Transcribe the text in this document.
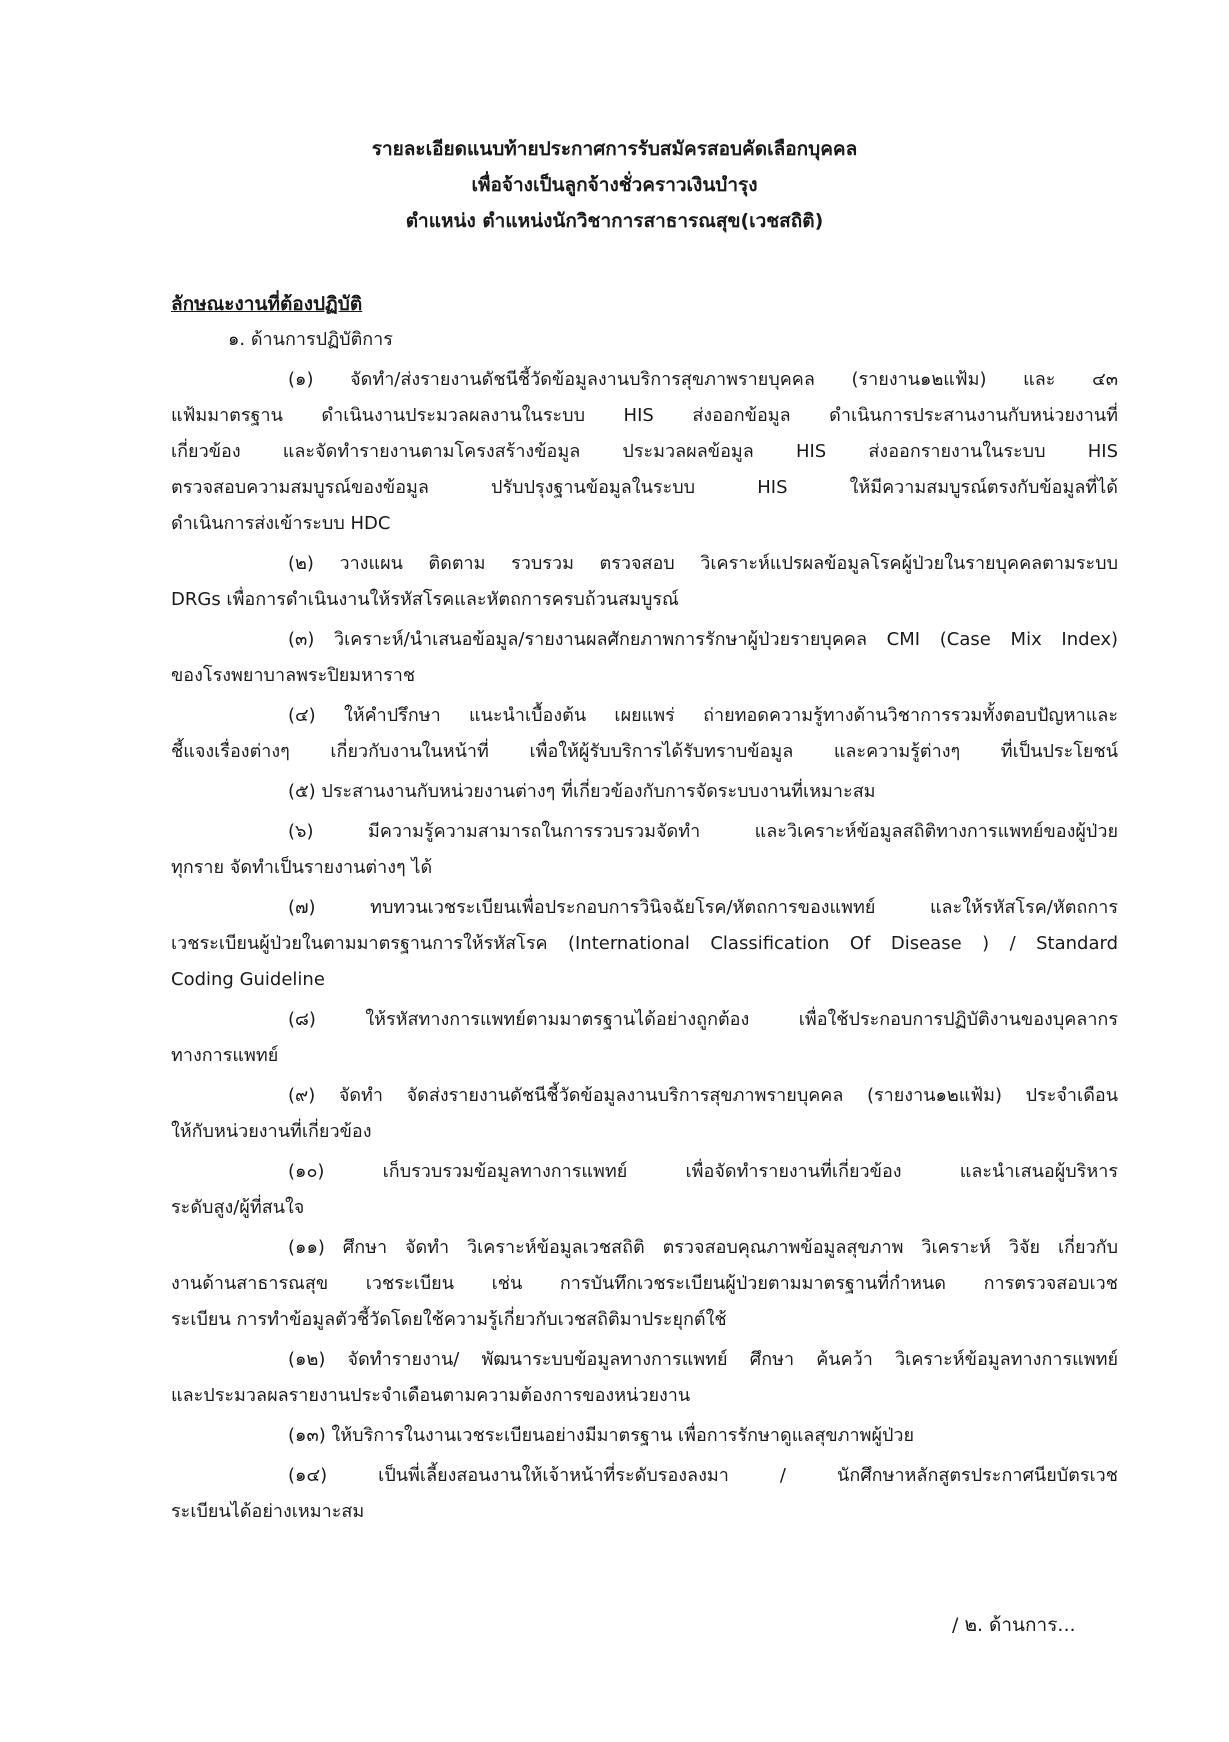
รายละเอียดแนบท้ายประกาศการรับสมัครสอบคัดเลือกบุคคล
เพื่อจ้างเป็นลูกจ้างชั่วคราวเงินบำรุง
ตำแหน่ง ตำแหน่งนักวิชาการสาธารณสุข(เวชสถิติ)
ลักษณะงานที่ต้องปฏิบัติ
๑. ด้านการปฏิบัติการ
(๑) จัดทำ/ส่งรายงานดัชนีชี้วัดข้อมูลงานบริการสุขภาพรายบุคคล (รายงาน๑๒แฟ้ม) และ ๔๓
แฟ้มมาตรฐาน ดำเนินงานประมวลผลงานในระบบ HIS ส่งออกข้อมูล ดำเนินการประสานงานกับหน่วยงานที่
เกี่ยวข้อง และจัดทำรายงานตามโครงสร้างข้อมูล ประมวลผลข้อมูล HIS ส่งออกรายงานในระบบ HIS
ตรวจสอบความสมบูรณ์ของข้อมูล ปรับปรุงฐานข้อมูลในระบบ HIS ให้มีความสมบูรณ์ตรงกับข้อมูลที่ได้
ดำเนินการส่งเข้าระบบ HDC
(๒) วางแผน ติดตาม รวบรวม ตรวจสอบ วิเคราะห์แปรผลข้อมูลโรคผู้ป่วยในรายบุคคลตามระบบ
DRGs เพื่อการดำเนินงานให้รหัสโรคและหัตถการครบถ้วนสมบูรณ์
(๓) วิเคราะห์/นำเสนอข้อมูล/รายงานผลศักยภาพการรักษาผู้ป่วยรายบุคคล CMI (Case Mix Index)
ของโรงพยาบาลพระปิยมหาราช
(๔) ให้คำปรึกษา แนะนำเบื้องต้น เผยแพร่ ถ่ายทอดความรู้ทางด้านวิชาการรวมทั้งตอบปัญหาและ
ชี้แจงเรื่องต่างๆ เกี่ยวกับงานในหน้าที่ เพื่อให้ผู้รับบริการได้รับทราบข้อมูล และความรู้ต่างๆ ที่เป็นประโยชน์
(๕) ประสานงานกับหน่วยงานต่างๆ ที่เกี่ยวข้องกับการจัดระบบงานที่เหมาะสม
(๖) มีความรู้ความสามารถในการรวบรวมจัดทำ และวิเคราะห์ข้อมูลสถิติทางการแพทย์ของผู้ป่วย
ทุกราย จัดทำเป็นรายงานต่างๆ ได้
(๗) ทบทวนเวชระเบียนเพื่อประกอบการวินิจฉัยโรค/หัตถการของแพทย์ และให้รหัสโรค/หัตถการ
เวชระเบียนผู้ป่วยในตามมาตรฐานการให้รหัสโรค (International Classification Of Disease ) / Standard
Coding Guideline
(๘) ให้รหัสทางการแพทย์ตามมาตรฐานได้อย่างถูกต้อง เพื่อใช้ประกอบการปฏิบัติงานของบุคลากร
ทางการแพทย์
(๙) จัดทำ จัดส่งรายงานดัชนีชี้วัดข้อมูลงานบริการสุขภาพรายบุคคล (รายงาน๑๒แฟ้ม) ประจำเดือน
ให้กับหน่วยงานที่เกี่ยวข้อง
(๑๐) เก็บรวบรวมข้อมูลทางการแพทย์ เพื่อจัดทำรายงานที่เกี่ยวข้อง และนำเสนอผู้บริหาร
ระดับสูง/ผู้ที่สนใจ
(๑๑) ศึกษา จัดทำ วิเคราะห์ข้อมูลเวชสถิติ ตรวจสอบคุณภาพข้อมูลสุขภาพ วิเคราะห์ วิจัย เกี่ยวกับ
งานด้านสาธารณสุข เวชระเบียน เช่น การบันทึกเวชระเบียนผู้ป่วยตามมาตรฐานที่กำหนด การตรวจสอบเวช
ระเบียน การทำข้อมูลตัวชี้วัดโดยใช้ความรู้เกี่ยวกับเวชสถิติมาประยุกต์ใช้
(๑๒) จัดทำรายงาน/ พัฒนาระบบข้อมูลทางการแพทย์ ศึกษา ค้นคว้า วิเคราะห์ข้อมูลทางการแพทย์
และประมวลผลรายงานประจำเดือนตามความต้องการของหน่วยงาน
(๑๓) ให้บริการในงานเวชระเบียนอย่างมีมาตรฐาน เพื่อการรักษาดูแลสุขภาพผู้ป่วย
(๑๔) เป็นพี่เลี้ยงสอนงานให้เจ้าหน้าที่ระดับรองลงมา / นักศึกษาหลักสูตรประกาศนียบัตรเวช
ระเบียนได้อย่างเหมาะสม
/ ๒. ด้านการ...
